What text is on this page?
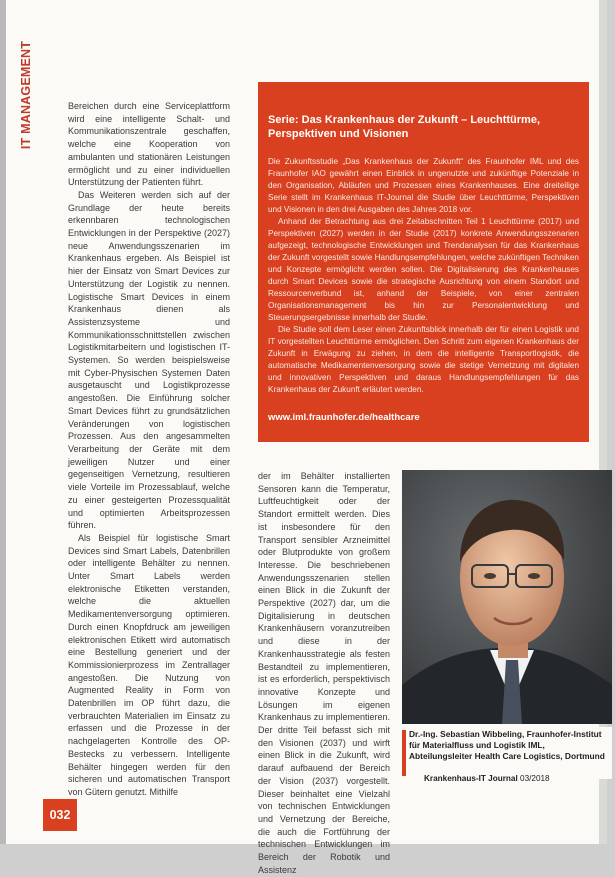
IT MANAGEMENT	Bereichen durch eine Serviceplattform wird eine intelligente Schalt- und Kommunikationszentrale geschaffen, welche eine Kooperation von ambulanten und stationären Leistungen ermöglicht und zu einer individuellen Unterstützung der Patienten führt.

Das Weiteren werden sich auf der Grundlage der heute bereits erkennbaren technologischen Entwicklungen in der Perspektive (2027) neue Anwendungsszenarien im Krankenhaus ergeben. Als Beispiel ist hier der Einsatz von Smart Devices zur Unterstützung der Logistik zu nennen. Logistische Smart Devices in einem Krankenhaus dienen als Assistenzsysteme und Kommunikationsschnittstellen zwischen Logistikmitarbeitern und logistischen IT-Systemen. So werden beispielsweise mit Cyber-Physischen Systemen Daten ausgetauscht und Logistikprozesse angestoßen. Die Einführung solcher Smart Devices führt zu grundsätzlichen Veränderungen von logistischen Prozessen. Aus den angesammelten Verarbeitung der Geräte mit dem jeweiligen Nutzer und einer gegenseitigen Vernetzung, resultieren viele Vorteile im Prozessablauf, welche zu einer gesteigerten Prozessqualität und optimierten Arbeitsprozessen führen.

Als Beispiel für logistische Smart Devices sind Smart Labels, Datenbrillen oder intelligente Behälter zu nennen. Unter Smart Labels werden elektronische Etiketten verstanden, welche die aktuellen Medikamentenversorgung optimieren. Durch einen Knopfdruck am jeweiligen elektronischen Etikett wird automatisch eine Bestellung generiert und der Kommissionierprozess im Zentrallager angestoßen. Die Nutzung von Augmented Reality in Form von Datenbrillen im OP führt dazu, die verbrauchten Materialien im Einsatz zu erfassen und die Prozesse in der nachgelagerten Kontrolle des OP-Bestecks zu verbessern. Intelligente Behälter hingegen werden für den sicheren und automatischen Transport von Gütern genutzt. Mithilfe

Serie: Das Krankenhaus der Zukunft – Leuchttürme, Perspektiven und Visionen

Die Zukunftsstudie „Das Krankenhaus der Zukunft“ des Fraunhofer IML und des Fraunhofer IAO gewährt einen Einblick in ungenutzte und zukünftige Potenziale in den Organisation, Abläufen und Prozessen eines Krankenhauses. Eine dreiteilige Serie stellt im Krankenhaus IT-Journal die Studie über Leuchttürme, Perspektiven und Visionen in den drei Ausgaben des Jahres 2018 vor.

Anhand der Betrachtung aus drei Zeitabschnitten Teil 1 Leuchttürme (2017) und Perspektiven (2027) werden in der Studie (2017) konkrete Anwendungsszenarien aufgezeigt, technologische Entwicklungen und Trendanalysen für das Krankenhaus der Zukunft vorgestellt sowie Handlungsempfehlungen, welche zukünftigen Techniken und Konzepte ermöglicht werden sollen. Die Digitalisierung des Krankenhauses durch Smart Devices sowie die strategische Ausrichtung von einem Standort und Ressourcenverbund ist, anhand der Beispiele, von einer zentralen Organisationsmanagement bis hin zur Personalentwicklung und Steuerungsergebnisse innerhalb der Studie.

Die Studie soll dem Leser einen Zukunftsblick innerhalb der für einen Logistik und IT vorgestellten Leuchttürme ermöglichen. Den Schritt zum eigenen Krankenhaus der Zukunft in Erwägung zu ziehen, in dem die intelligente Transportlogistik, die automatische Medikamentenversorgung sowie die stetige Vernetzung mit digitalen und innovativen Perspektiven und daraus Handlungsempfehlungen für das Krankenhaus der Zukunft erläutert werden.

www.iml.fraunhofer.de/healthcare

der im Behälter installierten Sensoren kann die Temperatur, Luftfeuchtigkeit oder der Standort ermittelt werden. Dies ist insbesondere für den Transport sensibler Arzneimittel oder Blutprodukte von großem Interesse. Die beschriebenen Anwendungsszenarien stellen einen Blick in die Zukunft der Perspektive (2027) dar, um die Digitalisierung in deutschen Krankenhäusern voranzutreiben und diese in der Krankenhausstrategie als festen Bestandteil zu implementieren, ist es erforderlich, perspektivisch innovative Konzepte und Lösungen im eigenen Krankenhaus zu implementieren. Der dritte Teil befasst sich mit den Visionen (2037) und wirft einen Blick in die Zukunft, wird darauf aufbauend der Bereich der Vision (2037) vorgestellt. Dieser beinhaltet eine Vielzahl von technischen Entwicklungen und Vernetzung der Bereiche, die auch die Fortführung der technischen Entwicklungen im Bereich der Robotik und Assistenz

Dr.-Ing. Sebastian Wibbeling, Fraunhofer-Institut für Materialfluss und Logistik IML, Abteilungsleiter Health Care Logistics, Dortmund
032
Krankenhaus-IT Journal 03/2018
